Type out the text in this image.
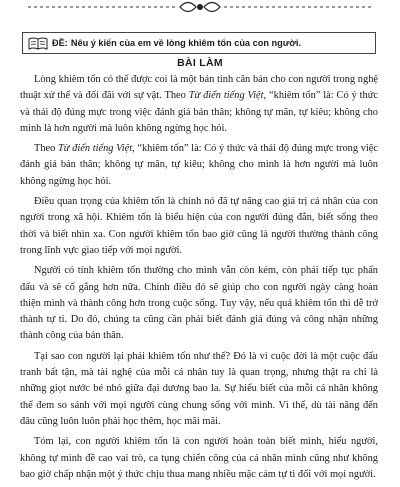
ĐỀ: Nêu ý kiến của em về lòng khiêm tốn của con người.
BÀI LÀM

Lòng khiêm tốn có thể được coi là một bản tính căn bản cho con người trong nghệ thuật xử thế và đối đãi với sự vật. Theo Từ điển tiếng Việt, “khiêm tốn” là: Có ý thức và thái độ đúng mực trong việc đánh giá bản thân; không tự mãn, tự kiêu; không cho mình là hơn người mà luôn không ngừng học hỏi.

Theo Từ điển tiếng Việt, “khiêm tốn” là: Có ý thức và thái độ đúng mực trong việc đánh giá bản thân; không tự mãn, tự kiêu; không cho mình là hơn người mà luôn không ngừng học hỏi.

Điều quan trọng của khiêm tốn là chính nó đã tự nâng cao giá trị cá nhân của con người trong xã hội. Khiêm tốn là biểu hiện của con người đúng đắn, biết sống theo thời và biết nhìn xa. Con người khiêm tốn bao giờ cũng là người thường thành công trong lĩnh vực giao tiếp với mọi người.

Người có tính khiêm tốn thường cho mình vẫn còn kém, còn phải tiếp tục phấn đấu và sẽ cố gắng hơn nữa. Chính điều đó sẽ giúp cho con người ngày càng hoàn thiện mình và thành công hơn trong cuộc sống. Tuy vậy, nếu quá khiêm tốn thì dễ trở thành tự ti. Do đó, chúng ta cũng cần phải biết đánh giá đúng và công nhận những thành công của bản thân.

Tại sao con người lại phải khiêm tốn như thế? Đó là vì cuộc đời là một cuộc đấu tranh bất tận, mà tài nghệ của mỗi cá nhân tuy là quan trọng, nhưng thật ra chỉ là những giọt nước bé nhỏ giữa đại dương bao la. Sự hiểu biết của mỗi cá nhân không thể đem so sánh với mọi người cùng chung sống với mình. Vì thế, dù tài năng đến đâu cũng luôn luôn phải học thêm, học mãi mãi.

Tóm lại, con người khiêm tốn là con người hoàn toàn biết mình, hiểu người, không tự mình đề cao vai trò, ca tụng chiến công của cá nhân mình cũng như không bao giờ chấp nhận một ý thức chịu thua mang nhiều mặc cảm tự ti đối với mọi người.
